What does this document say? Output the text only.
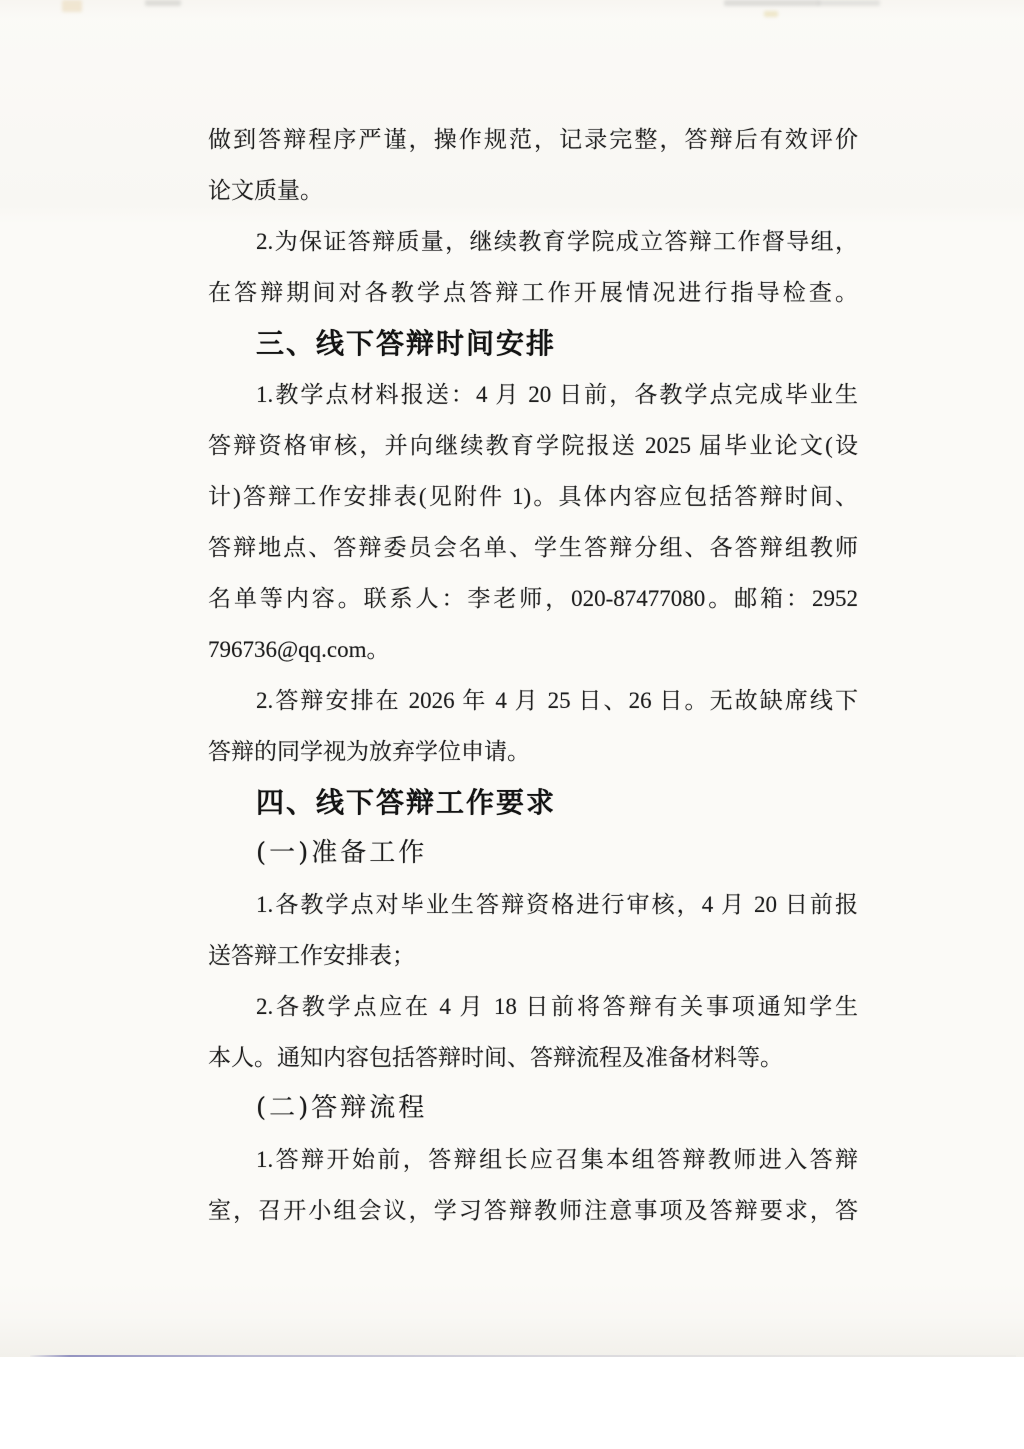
做到答辩程序严谨，操作规范，记录完整，答辩后有效评价
论文质量。
2.为保证答辩质量，继续教育学院成立答辩工作督导组，
在答辩期间对各教学点答辩工作开展情况进行指导检查。
三、线下答辩时间安排
1.教学点材料报送：4 月 20 日前，各教学点完成毕业生
答辩资格审核，并向继续教育学院报送 2025 届毕业论文(设
计)答辩工作安排表(见附件 1)。具体内容应包括答辩时间、
答辩地点、答辩委员会名单、学生答辩分组、各答辩组教师
名单等内容。联系人：李老师，020-87477080。邮箱：2952
796736@qq.com。
2.答辩安排在 2026 年 4 月 25 日、26 日。无故缺席线下
答辩的同学视为放弃学位申请。
四、线下答辩工作要求
(一)准备工作
1.各教学点对毕业生答辩资格进行审核，4 月 20 日前报
送答辩工作安排表；
2.各教学点应在 4 月 18 日前将答辩有关事项通知学生
本人。通知内容包括答辩时间、答辩流程及准备材料等。
(二)答辩流程
1.答辩开始前，答辩组长应召集本组答辩教师进入答辩
室，召开小组会议，学习答辩教师注意事项及答辩要求，答
